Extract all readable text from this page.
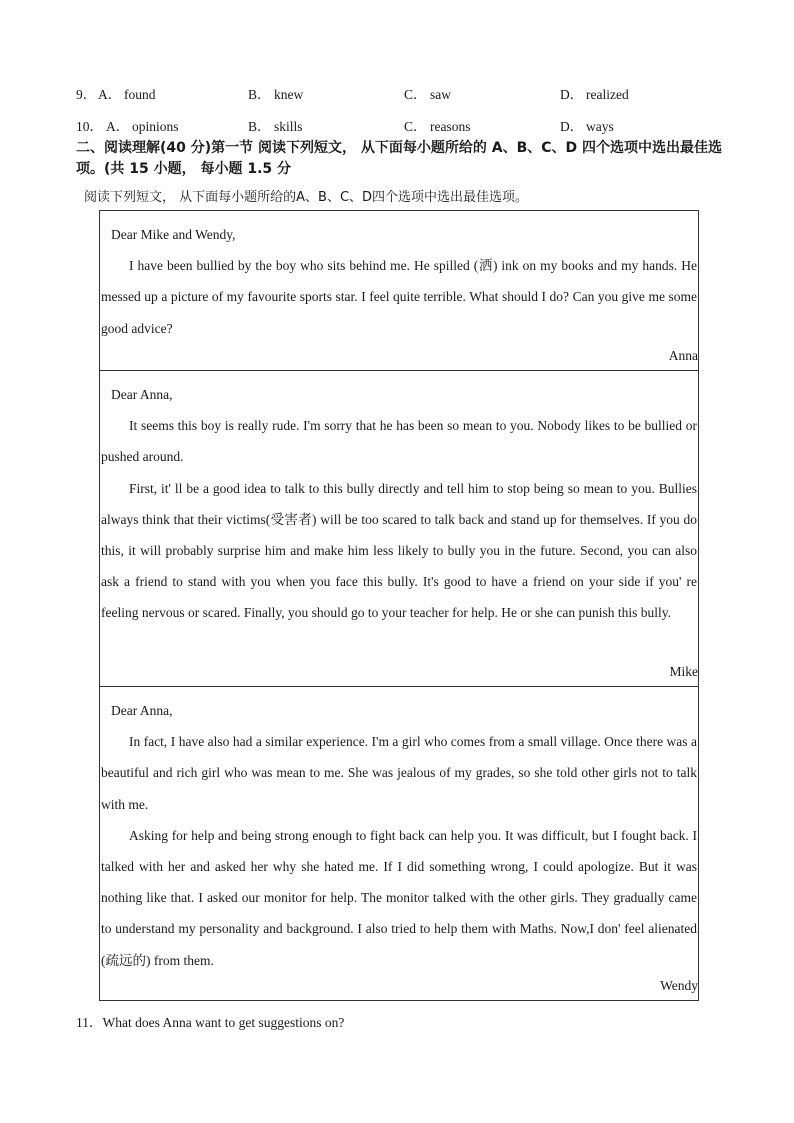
9． A． found	B． knew	C． saw	D． realized
10． A． opinions	B． skills	C． reasons	D． ways
二、阅读理解(40 分)第一节 阅读下列短文， 从下面每小题所给的 A、B、C、D 四个选项中选出最佳选项。(共 15 小题， 每小题 1.5 分
阅读下列短文， 从下面每小题所给的A、B、C、D四个选项中选出最佳选项。

Dear Mike and Wendy,

I have been bullied by the boy who sits behind me. He spilled (洒) ink on my books and my hands. He messed up a picture of my favourite sports star. I feel quite terrible. What should I do? Can you give me some good advice?

Anna

Dear Anna,

It seems this boy is really rude. I'm sorry that he has been so mean to you. Nobody likes to be bullied or pushed around.

First, it' ll be a good idea to talk to this bully directly and tell him to stop being so mean to you. Bullies always think that their victims(受害者) will be too scared to talk back and stand up for themselves. If you do this, it will probably surprise him and make him less likely to bully you in the future. Second, you can also ask a friend to stand with you when you face this bully. It's good to have a friend on your side if you' re feeling nervous or scared. Finally, you should go to your teacher for help. He or she can punish this bully.

Mike

Dear Anna,

In fact, I have also had a similar experience. I'm a girl who comes from a small village. Once there was a beautiful and rich girl who was mean to me. She was jealous of my grades, so she told other girls not to talk with me.

Asking for help and being strong enough to fight back can help you. It was difficult, but I fought back. I talked with her and asked her why she hated me. If I did something wrong, I could apologize. But it was nothing like that. I asked our monitor for help. The monitor talked with the other girls. They gradually came to understand my personality and background. I also tried to help them with Maths. Now,I don' feel alienated (疏远的) from them.

Wendy
11．What does Anna want to get suggestions on?
